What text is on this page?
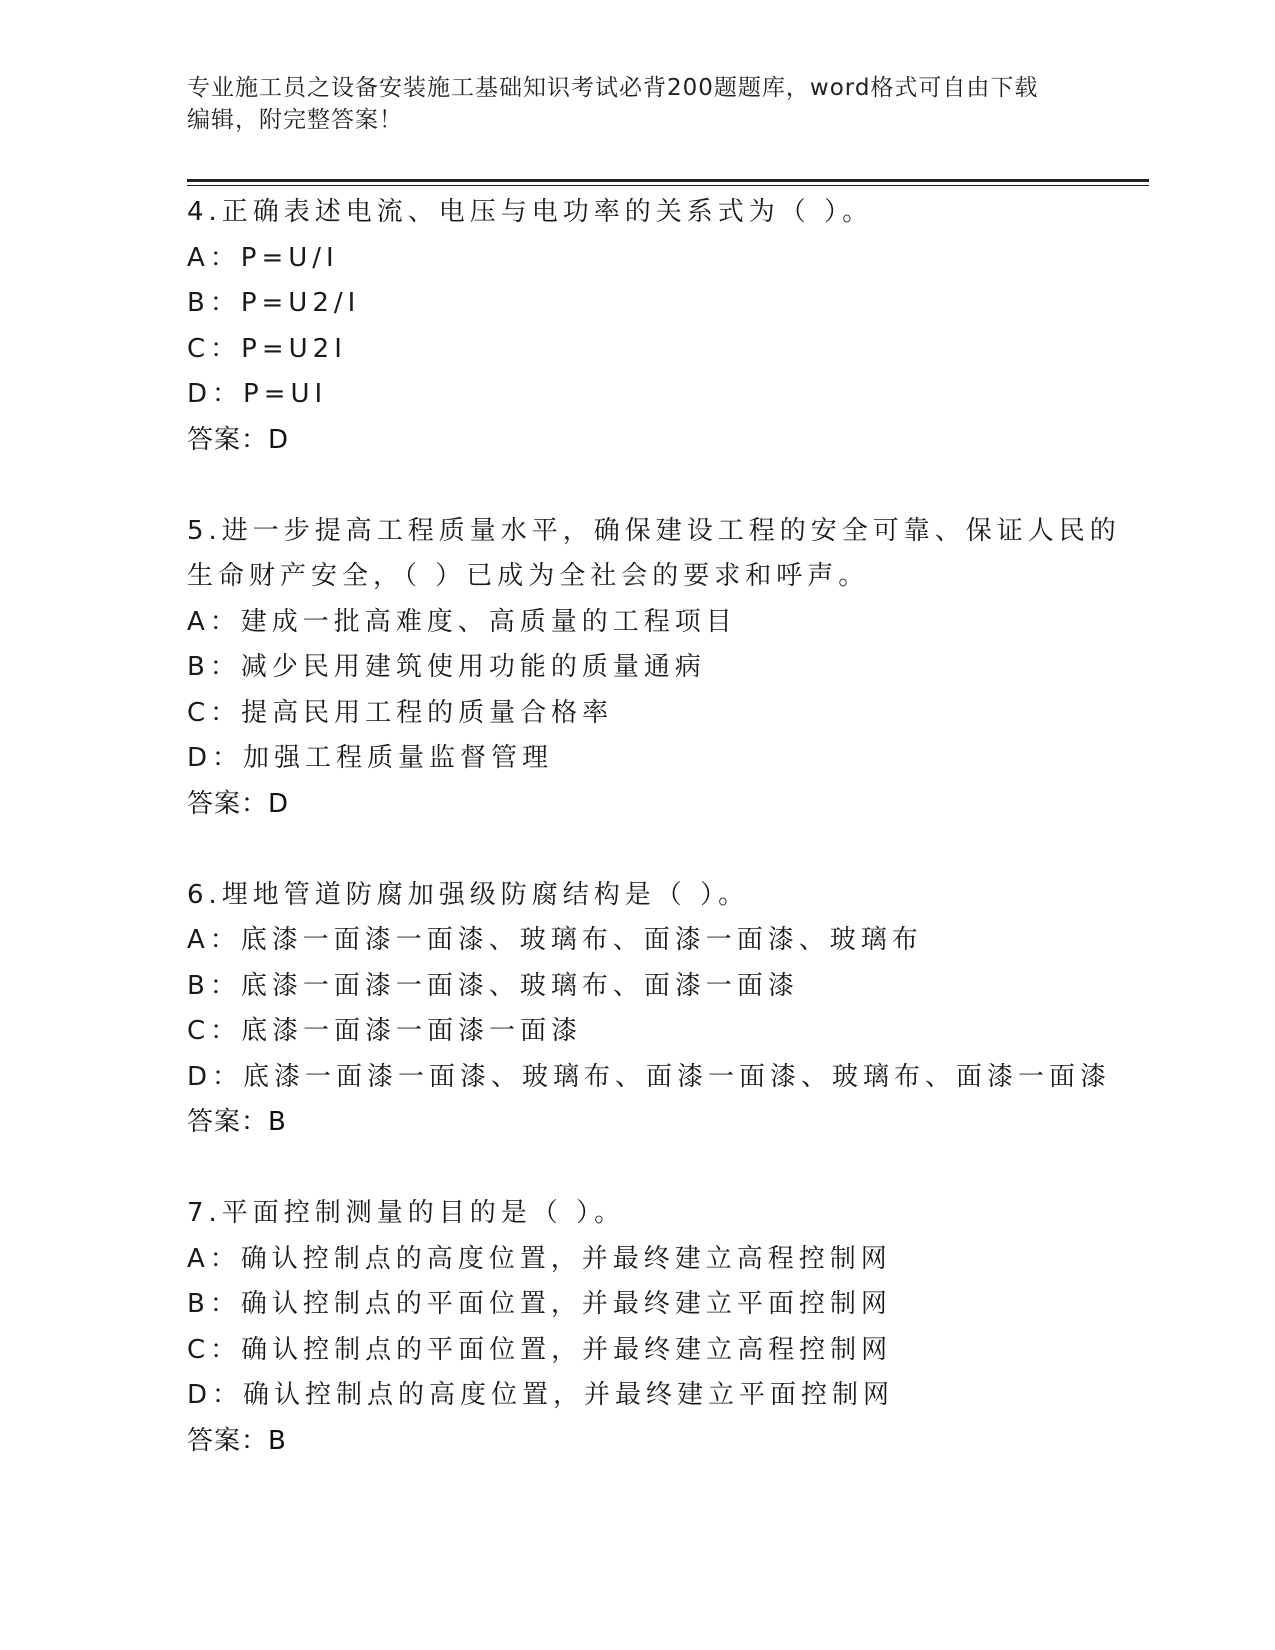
专业施工员之设备安装施工基础知识考试必背200题题库，word格式可自由下载
编辑，附完整答案！
4.正确表述电流、电压与电功率的关系式为（ ）。
A：P=U/I
B：P=U2/I
C：P=U2I
D：P=UI
答案：D
5.进一步提高工程质量水平，确保建设工程的安全可靠、保证人民的
生命财产安全，（ ）已成为全社会的要求和呼声。
A：建成一批高难度、高质量的工程项目
B：减少民用建筑使用功能的质量通病
C：提高民用工程的质量合格率
D：加强工程质量监督管理
答案：D
6.埋地管道防腐加强级防腐结构是（ ）。
A：底漆一面漆一面漆、玻璃布、面漆一面漆、玻璃布
B：底漆一面漆一面漆、玻璃布、面漆一面漆
C：底漆一面漆一面漆一面漆
D：底漆一面漆一面漆、玻璃布、面漆一面漆、玻璃布、面漆一面漆
答案：B
7.平面控制测量的目的是（ ）。
A：确认控制点的高度位置，并最终建立高程控制网
B：确认控制点的平面位置，并最终建立平面控制网
C：确认控制点的平面位置，并最终建立高程控制网
D：确认控制点的高度位置，并最终建立平面控制网
答案：B
